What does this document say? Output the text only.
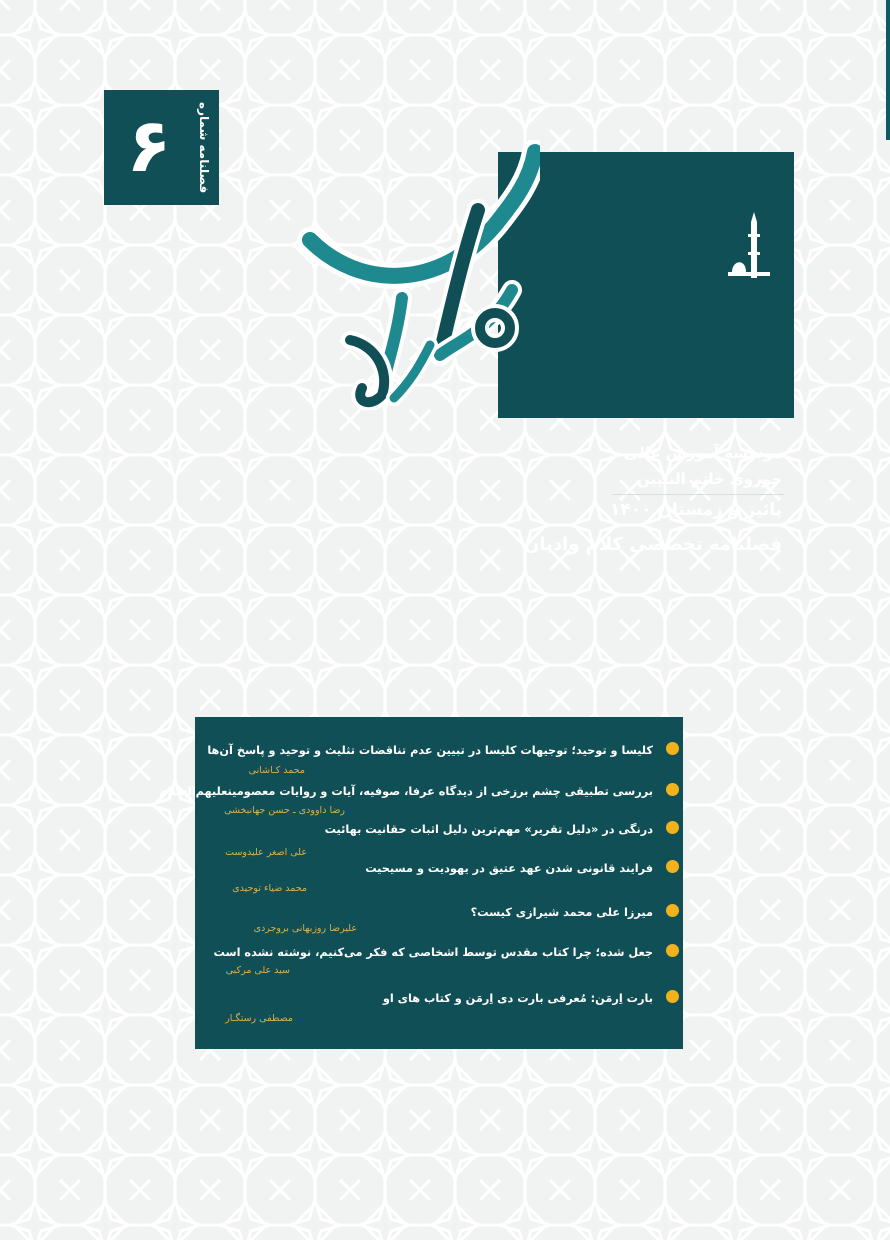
۶	فصلنامه شماره
موسسه آموزش عالی
حوزوی خاتم النبیین
پائیز و زمستان ۱۴۰۰
فصلنامه تخصصی کلام وادیان
کلیسا و توحید؛ توجیهات کلیسا در تبیین عدم تناقضات تثلیث و توحید و پاسخ آن‌ها
محمد کـاشانی
بررسی تطبیقی چشم برزخی از دیدگاه عرفا، صوفیه، آیات و روایات معصومینعلیهم‌السلام
رضا داوودی ـ حسن جهانبخشی
درنگی در «دلیل تقریر» مهم‌ترین دلیل اثبات حقانیت بهائیت
علی اصغر علیدوست
فرایند قانونی شدن عهد عتیق در یهودیت و مسیحیت
محمد ضیاء توحیدی
میرزا علی محمد شیرازی کیست؟
علیرضا روزبهانی بروجردی
جعل شده؛ چرا کتاب مقدس توسط اشخاصی که فکر می‌کنیم، نوشته نشده است
سید علی مرکبی
بارت اِرمَن: مُعرفی بارت دی اِرمَن و کتاب های او
مصطفی رستگـار
